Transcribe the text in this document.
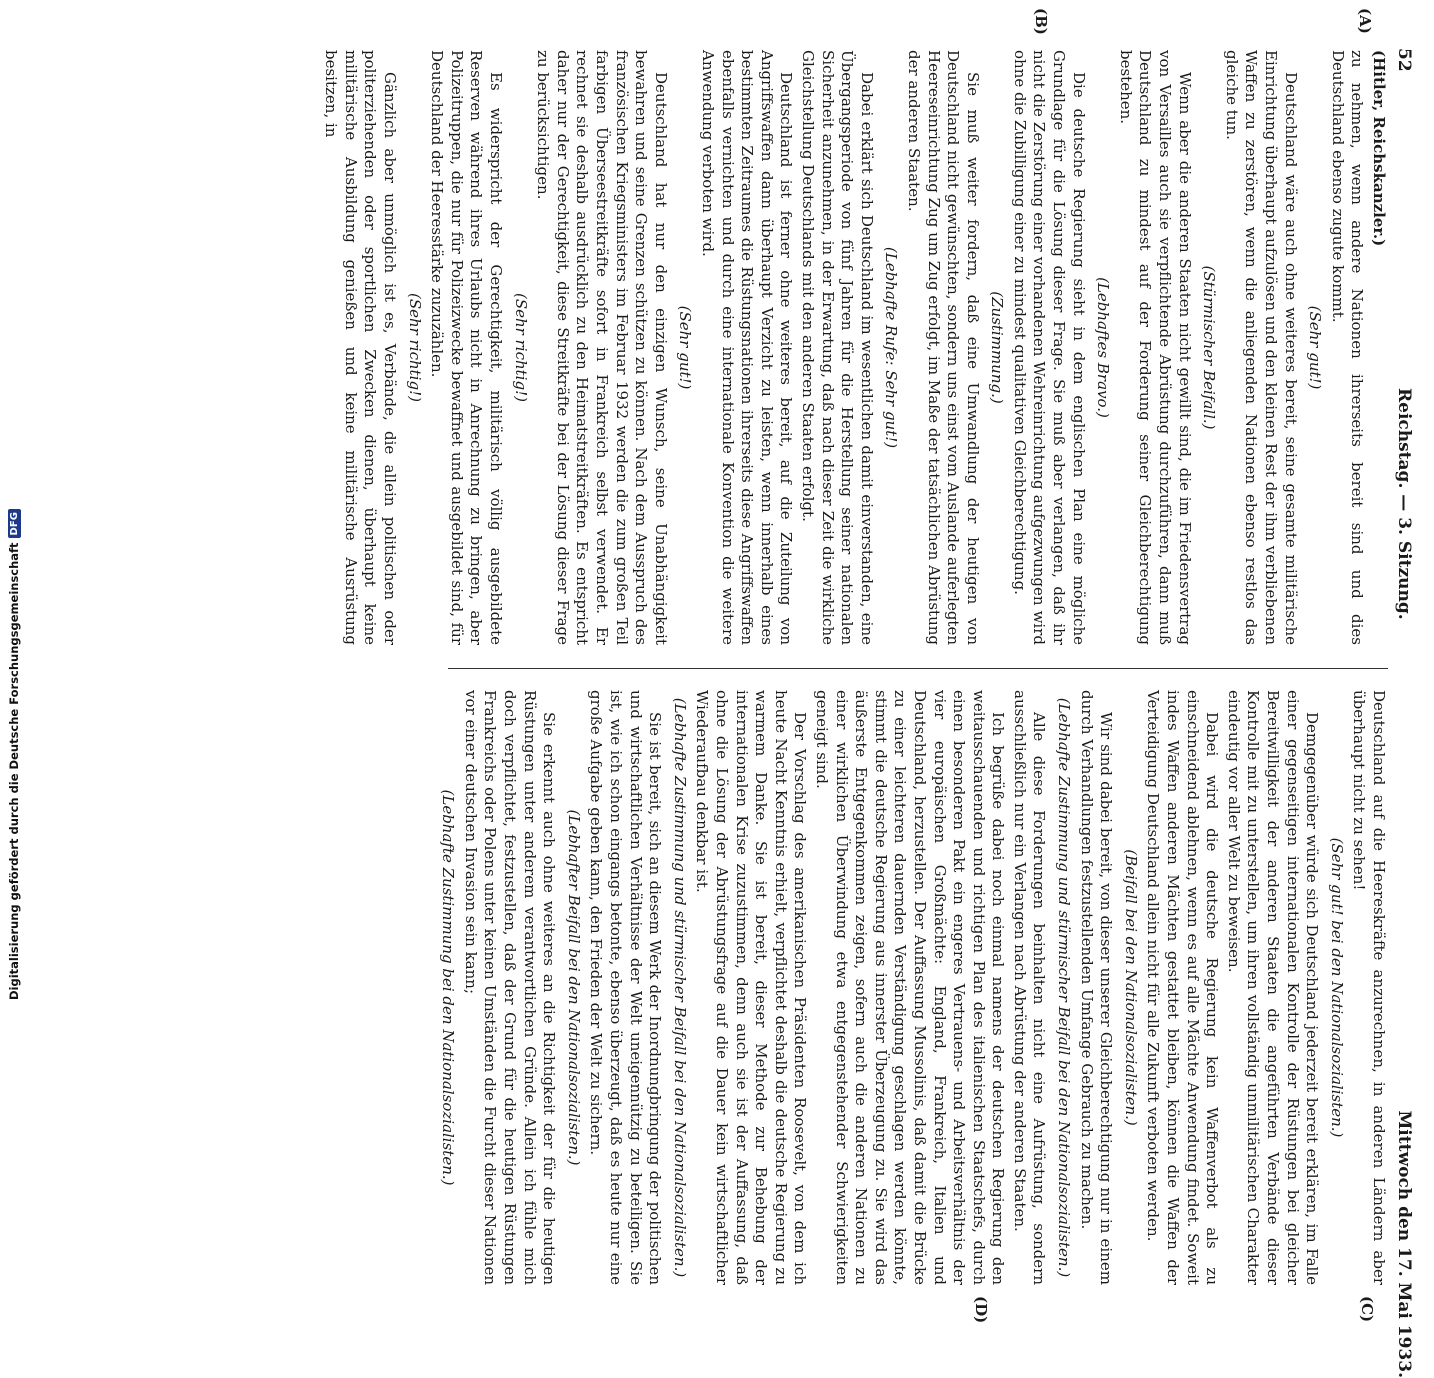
52
Reichstag. — 3. Sitzung.
Mittwoch den 17. Mai 1933.
(A)
(B)
(C)
(D)

(Hitler, Reichskanzler.)

zu nehmen, wenn andere Nationen ihrerseits bereit sind und dies Deutschland ebenso zugute kommt.

(Sehr gut!)

Deutschland wäre auch ohne weiteres bereit, seine gesamte militärische Einrichtung überhaupt aufzulösen und den kleinen Rest der ihm verbliebenen Waffen zu zerstören, wenn die anliegenden Nationen ebenso restlos das gleiche tun.

(Stürmischer Beifall.)

Wenn aber die anderen Staaten nicht gewillt sind, die im Friedensvertrag von Versailles auch sie verpflichtende Abrüstung durchzuführen, dann muß Deutschland zu mindest auf der Forderung seiner Gleichberechtigung bestehen.

(Lebhaftes Bravo.)

Die deutsche Regierung sieht in dem englischen Plan eine mögliche Grundlage für die Lösung dieser Frage. Sie muß aber verlangen, daß ihr nicht die Zerstörung einer vorhandenen Wehreinrichtung aufgezwungen wird ohne die Zubilligung einer zu mindest qualitativen Gleichberechtigung.

(Zustimmung.)

Sie muß weiter fordern, daß eine Umwandlung der heutigen von Deutschland nicht gewünschten, sondern uns einst vom Auslande auferlegten Heereseinrichtung Zug um Zug erfolgt, im Maße der tatsächlichen Abrüstung der anderen Staaten.

(Lebhafte Rufe: Sehr gut!)

Dabei erklärt sich Deutschland im wesentlichen damit einverstanden, eine Übergangsperiode von fünf Jahren für die Herstellung seiner nationalen Sicherheit anzunehmen, in der Erwartung, daß nach dieser Zeit die wirkliche Gleichstellung Deutschlands mit den anderen Staaten erfolgt.

Deutschland ist ferner ohne weiteres bereit, auf die Zuteilung von Angriffswaffen dann überhaupt Verzicht zu leisten, wenn innerhalb eines bestimmten Zeitraumes die Rüstungsnationen ihrerseits diese Angriffswaffen ebenfalls vernichten und durch eine internationale Konvention die weitere Anwendung verboten wird.

(Sehr gut!)

Deutschland hat nur den einzigen Wunsch, seine Unabhängigkeit bewahren und seine Grenzen schützen zu können. Nach dem Ausspruch des französischen Kriegsministers im Februar 1932 werden die zum großen Teil farbigen Überseestreitkräfte sofort in Frankreich selbst verwendet. Er rechnet sie deshalb ausdrücklich zu den Heimatstreitkräften. Es entspricht daher nur der Gerechtigkeit, diese Streitkräfte bei der Lösung dieser Frage zu berücksichtigen.

(Sehr richtig!)

Es widerspricht der Gerechtigkeit, militärisch völlig ausgebildete Reserven während ihres Urlaubs nicht in Anrechnung zu bringen, aber Polizeitruppen, die nur für Polizeizwecke bewaffnet und ausgebildet sind, für Deutschland der Heeresstärke zuzuzählen.

(Sehr richtig!)

Gänzlich aber unmöglich ist es, Verbände, die allein politischen oder politerziehenden oder sportlichen Zwecken dienen, überhaupt keine militärische Ausbildung genießen und keine militärische Ausrüstung besitzen, in

Deutschland auf die Heereskräfte anzurechnen, in anderen Ländern aber überhaupt nicht zu sehen!

(Sehr gut! bei den Nationalsozialisten.)

Demgegenüber würde sich Deutschland jederzeit bereit erklären, im Falle einer gegenseitigen internationalen Kontrolle der Rüstungen bei gleicher Bereitwilligkeit der anderen Staaten die angeführten Verbände dieser Kontrolle mit zu unterstellen, um ihren vollständig unmilitärischen Charakter eindeutig vor aller Welt zu beweisen.

Dabei wird die deutsche Regierung kein Waffenverbot als zu einschneidend ablehnen, wenn es auf alle Mächte Anwendung findet. Soweit indes Waffen anderen Mächten gestattet bleiben, können die Waffen der Verteidigung Deutschland allein nicht für alle Zukunft verboten werden.

(Beifall bei den Nationalsozialisten.)

Wir sind dabei bereit, von dieser unserer Gleichberechtigung nur in einem durch Verhandlungen festzustellenden Umfange Gebrauch zu machen.

(Lebhafte Zustimmung und stürmischer Beifall bei den Nationalsozialisten.)

Alle diese Forderungen beinhalten nicht eine Aufrüstung, sondern ausschließlich nur ein Verlangen nach Abrüstung der anderen Staaten.

Ich begrüße dabei noch einmal namens der deutschen Regierung den weitausschauenden und richtigen Plan des italienischen Staatschefs, durch einen besonderen Pakt ein engeres Vertrauens- und Arbeitsverhältnis der vier europäischen Großmächte: England, Frankreich, Italien und Deutschland, herzustellen. Der Auffassung Mussolinis, daß damit die Brücke zu einer leichteren dauernden Verständigung geschlagen werden könnte, stimmt die deutsche Regierung aus innerster Überzeugung zu. Sie wird das äußerste Entgegenkommen zeigen, sofern auch die anderen Nationen zu einer wirklichen Überwindung etwa entgegenstehender Schwierigkeiten geneigt sind.

Der Vorschlag des amerikanischen Präsidenten Roosevelt, von dem ich heute Nacht Kenntnis erhielt, verpflichtet deshalb die deutsche Regierung zu warmem Danke. Sie ist bereit, dieser Methode zur Behebung der internationalen Krise zuzustimmen, denn auch sie ist der Auffassung, daß ohne die Lösung der Abrüstungsfrage auf die Dauer kein wirtschaftlicher Wiederaufbau denkbar ist.

(Lebhafte Zustimmung und stürmischer Beifall bei den Nationalsozialisten.)

Sie ist bereit, sich an diesem Werk der Inordnungbringung der politischen und wirtschaftlichen Verhältnisse der Welt uneigennützig zu beteiligen. Sie ist, wie ich schon eingangs betonte, ebenso überzeugt, daß es heute nur eine große Aufgabe geben kann, den Frieden der Welt zu sichern.

(Lebhafter Beifall bei den Nationalsozialisten.)

Sie erkennt auch ohne weiteres an die Richtigkeit der für die heutigen Rüstungen unter anderem verantwortlichen Gründe. Allein ich fühle mich doch verpflichtet, festzustellen, daß der Grund für die heutigen Rüstungen Frankreichs oder Polens unter keinen Umständen die Furcht dieser Nationen vor einer deutschen Invasion sein kann;

(Lebhafte Zustimmung bei den Nationalsozialisten.)

Digitalisierung gefördert durch die Deutsche Forschungsgemeinschaft
DFG
